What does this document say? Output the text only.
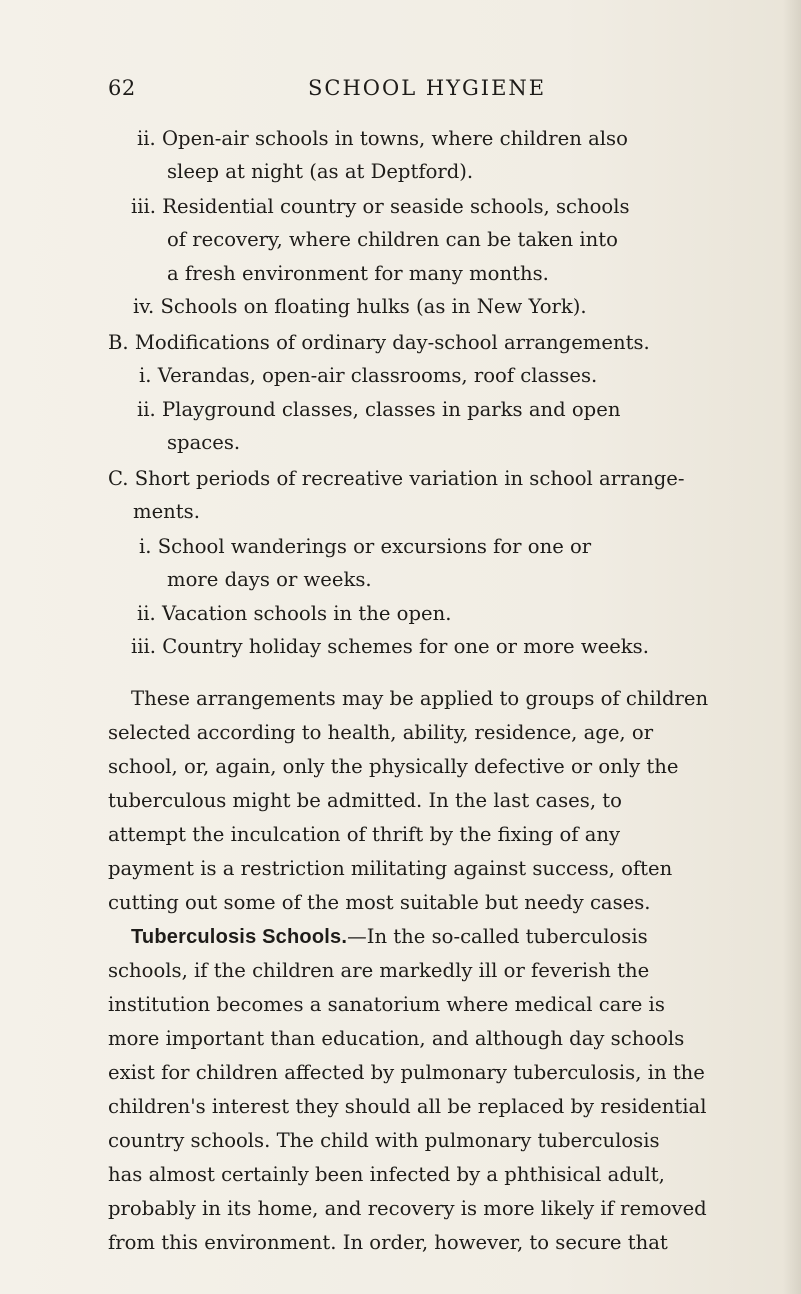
62	SCHOOL HYGIENE
ii. Open-air schools in towns, where children also
sleep at night (as at Deptford).
iii. Residential country or seaside schools, schools
of recovery, where children can be taken into
a fresh environment for many months.
iv. Schools on floating hulks (as in New York).
B. Modifications of ordinary day-school arrangements.
i. Verandas, open-air classrooms, roof classes.
ii. Playground classes, classes in parks and open
spaces.
C. Short periods of recreative variation in school arrange-
ments.
i. School wanderings or excursions for one or
more days or weeks.
ii. Vacation schools in the open.
iii. Country holiday schemes for one or more weeks.
These arrangements may be applied to groups of children
selected according to health, ability, residence, age, or
school, or, again, only the physically defective or only the
tuberculous might be admitted. In the last cases, to
attempt the inculcation of thrift by the fixing of any
payment is a restriction militating against success, often
cutting out some of the most suitable but needy cases.
Tuberculosis Schools.—In the so-called tuberculosis
schools, if the children are markedly ill or feverish the
institution becomes a sanatorium where medical care is
more important than education, and although day schools
exist for children affected by pulmonary tuberculosis, in the
children's interest they should all be replaced by residential
country schools. The child with pulmonary tuberculosis
has almost certainly been infected by a phthisical adult,
probably in its home, and recovery is more likely if removed
from this environment. In order, however, to secure that
